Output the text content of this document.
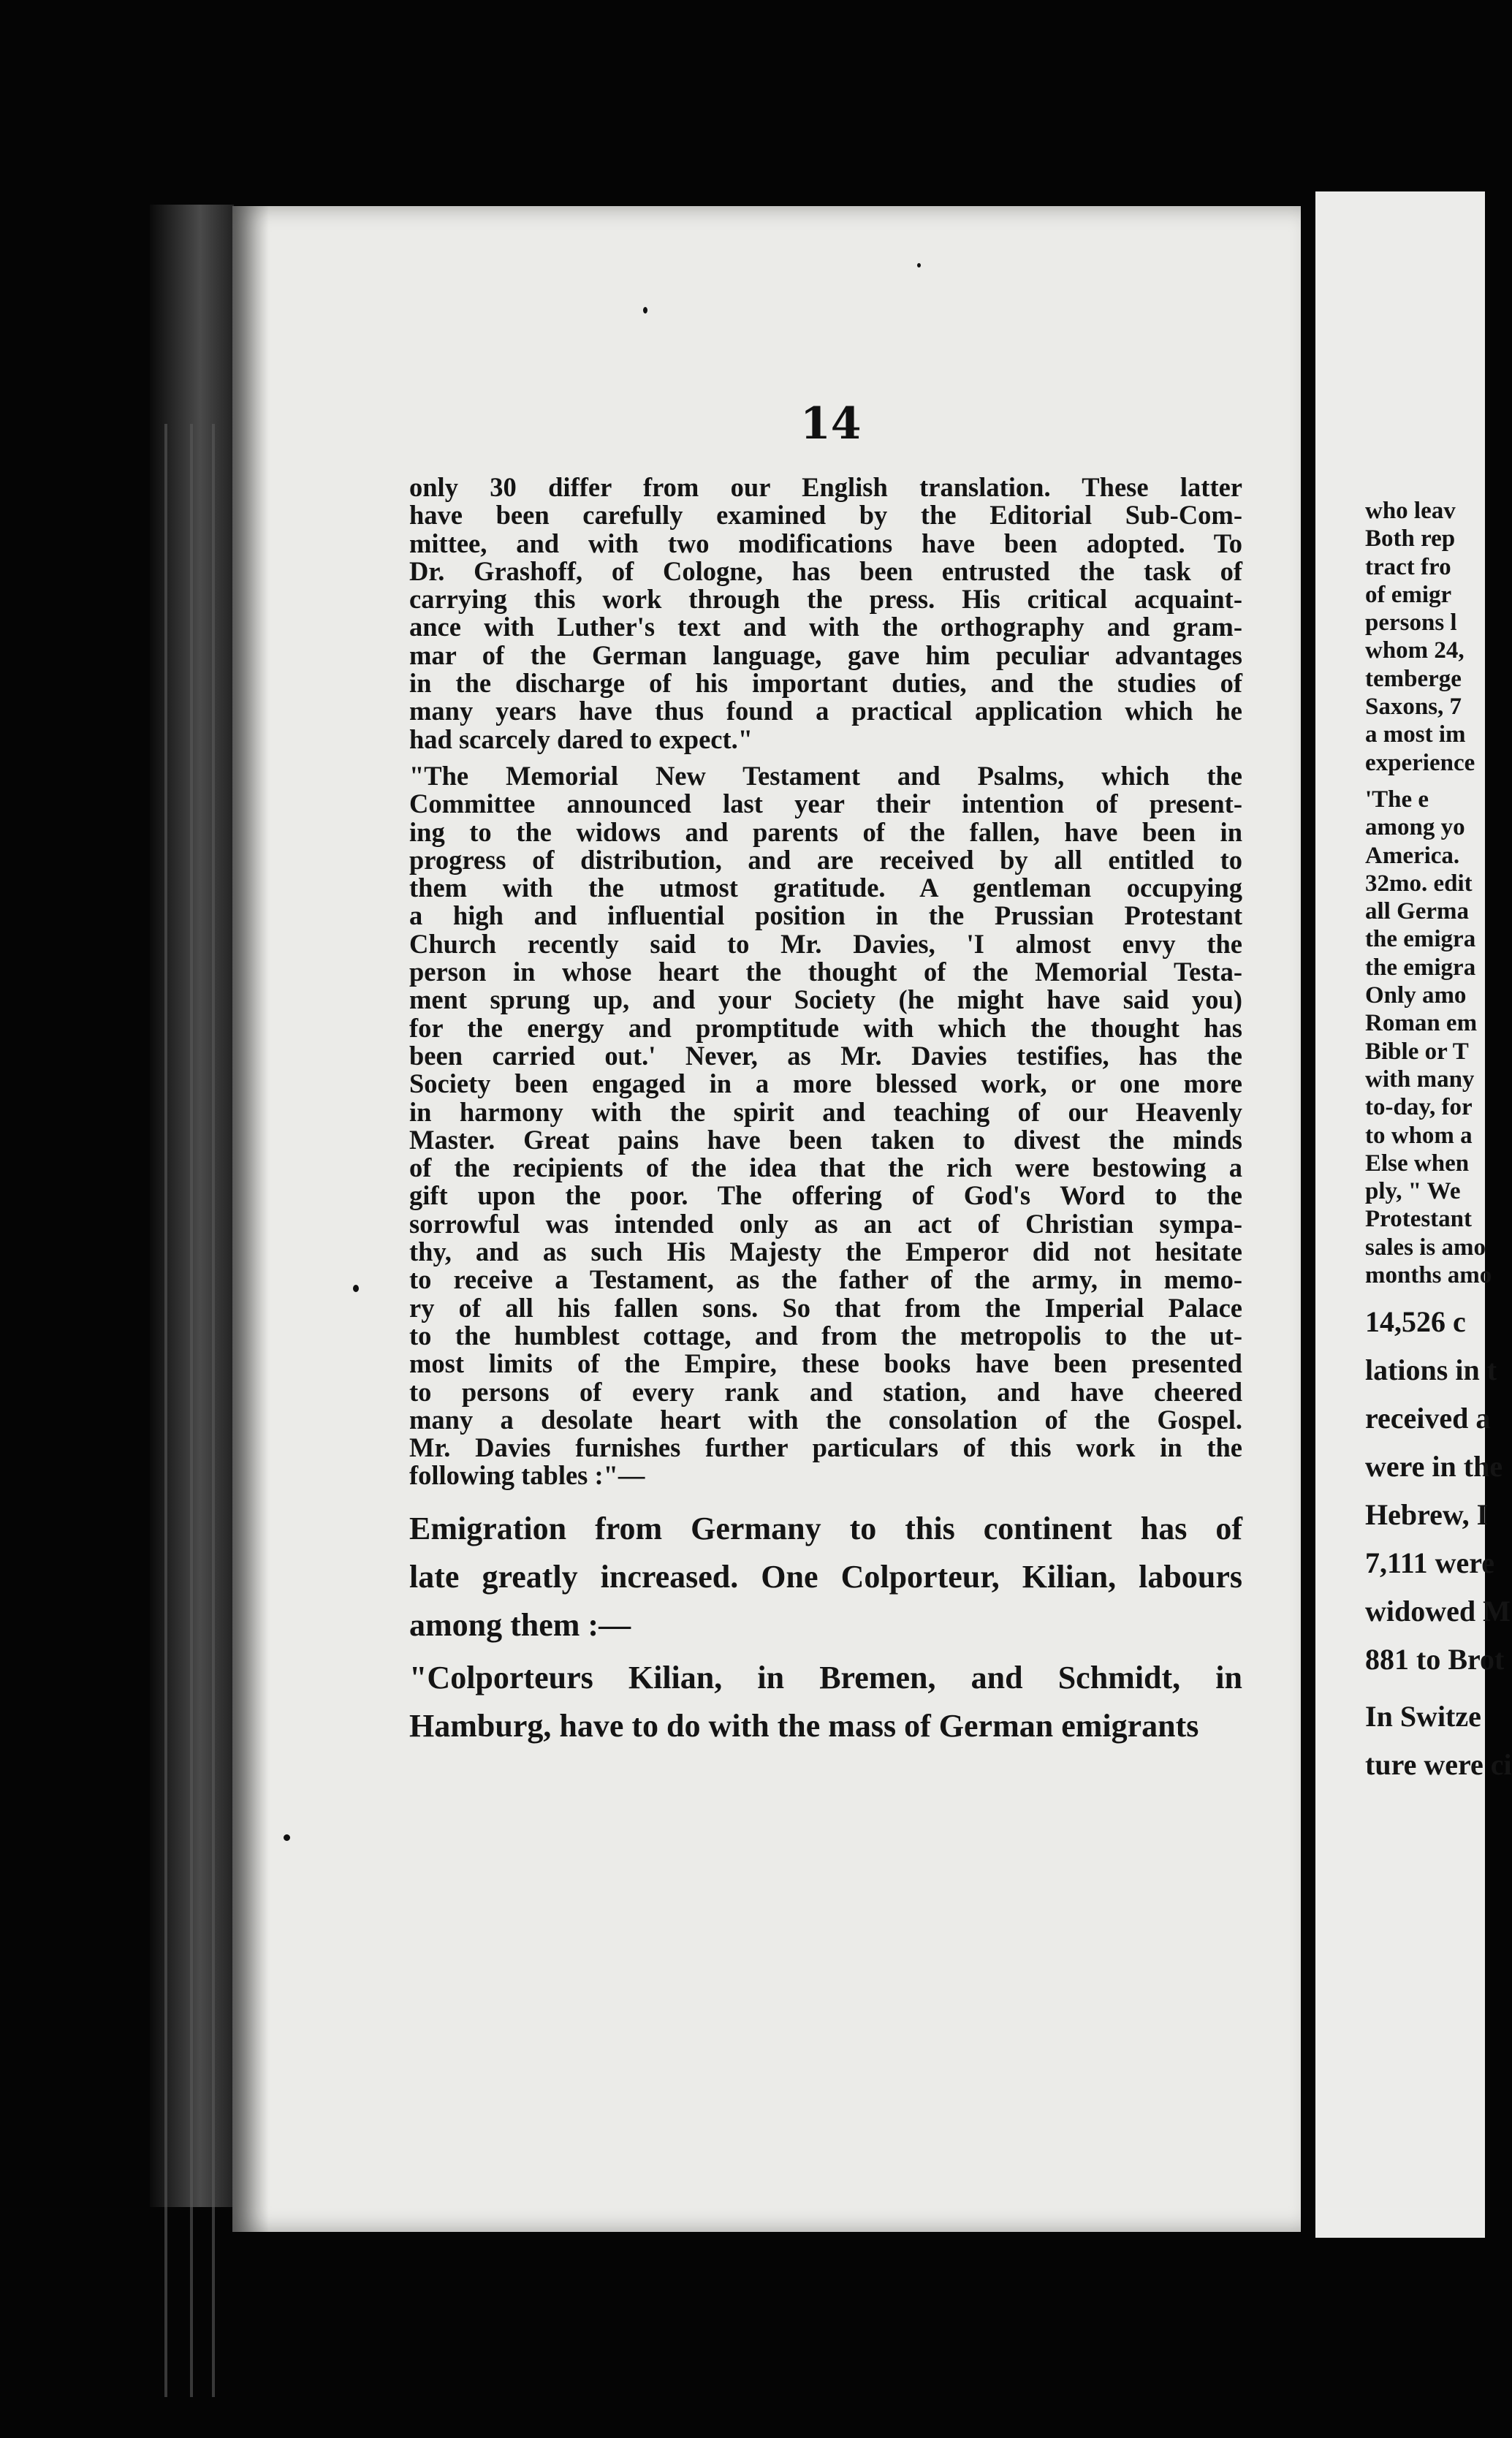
14
only 30 differ from our English translation. These latter
have been carefully examined by the Editorial Sub-Com-
mittee, and with two modifications have been adopted. To
Dr. Grashoff, of Cologne, has been entrusted the task of
carrying this work through the press. His critical acquaint-
ance with Luther's text and with the orthography and gram-
mar of the German language, gave him peculiar advantages
in the discharge of his important duties, and the studies of
many years have thus found a practical application which he
had scarcely dared to expect."
"The Memorial New Testament and Psalms, which the
Committee announced last year their intention of present-
ing to the widows and parents of the fallen, have been in
progress of distribution, and are received by all entitled to
them with the utmost gratitude. A gentleman occupying
a high and influential position in the Prussian Protestant
Church recently said to Mr. Davies, 'I almost envy the
person in whose heart the thought of the Memorial Testa-
ment sprung up, and your Society (he might have said you)
for the energy and promptitude with which the thought has
been carried out.' Never, as Mr. Davies testifies, has the
Society been engaged in a more blessed work, or one more
in harmony with the spirit and teaching of our Heavenly
Master. Great pains have been taken to divest the minds
of the recipients of the idea that the rich were bestowing a
gift upon the poor. The offering of God's Word to the
sorrowful was intended only as an act of Christian sympa-
thy, and as such His Majesty the Emperor did not hesitate
to receive a Testament, as the father of the army, in memo-
ry of all his fallen sons. So that from the Imperial Palace
to the humblest cottage, and from the metropolis to the ut-
most limits of the Empire, these books have been presented
to persons of every rank and station, and have cheered
many a desolate heart with the consolation of the Gospel.
Mr. Davies furnishes further particulars of this work in the
following tables :"—
Emigration from Germany to this continent has of
late greatly increased. One Colporteur, Kilian, labours
among them :—
"Colporteurs Kilian, in Bremen, and Schmidt, in
Hamburg, have to do with the mass of German emigrants
who leav
Both rep
tract fro
of emigr
persons l
whom 24,
temberge
Saxons, 7
a most im
experience
'The e
among yo
America.
32mo. edit
all Germa
the emigra
the emigra
Only amo
Roman em
Bible or T
with many
to-day, for
to whom a
Else when
ply, " We
Protestant
sales is amo
months amo
14,526 c
lations in t
received a
were in the
Hebrew, I
7,111 were
widowed M
881 to Brot
In Switze
ture were ci
